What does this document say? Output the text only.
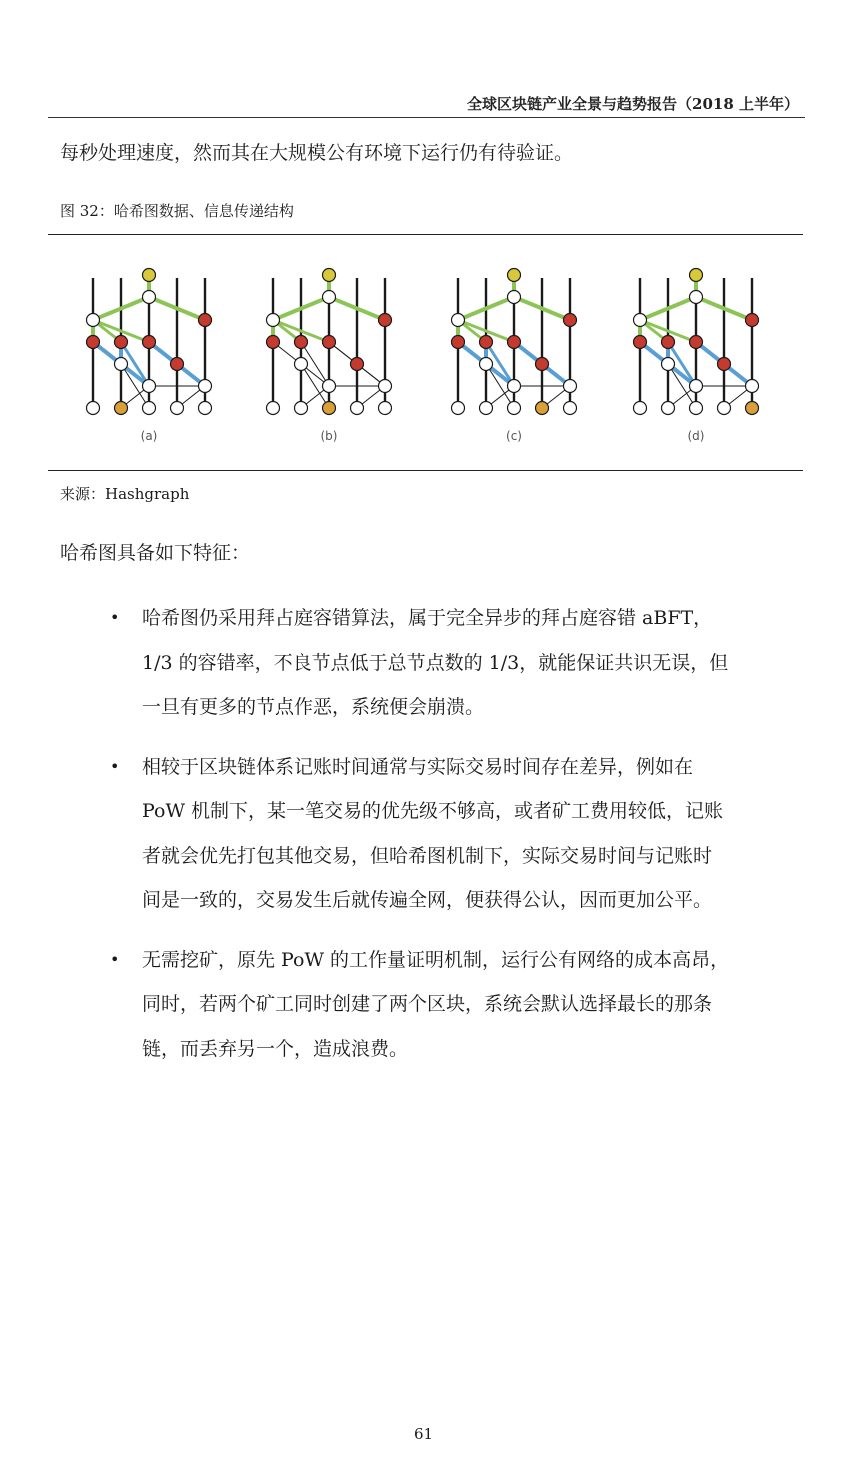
全球区块链产业全景与趋势报告（2018 上半年）
每秒处理速度，然而其在大规模公有环境下运行仍有待验证。
图 32：哈希图数据、信息传递结构
(a)	(b)	(c)	(d)
来源：Hashgraph
哈希图具备如下特征：
• 哈希图仍采用拜占庭容错算法，属于完全异步的拜占庭容错 aBFT，
1/3 的容错率，不良节点低于总节点数的 1/3，就能保证共识无误，但
一旦有更多的节点作恶，系统便会崩溃。
• 相较于区块链体系记账时间通常与实际交易时间存在差异，例如在
PoW 机制下，某一笔交易的优先级不够高，或者矿工费用较低，记账
者就会优先打包其他交易，但哈希图机制下，实际交易时间与记账时
间是一致的，交易发生后就传遍全网，便获得公认，因而更加公平。
• 无需挖矿，原先 PoW 的工作量证明机制，运行公有网络的成本高昂，
同时，若两个矿工同时创建了两个区块，系统会默认选择最长的那条
链，而丢弃另一个，造成浪费。
61
